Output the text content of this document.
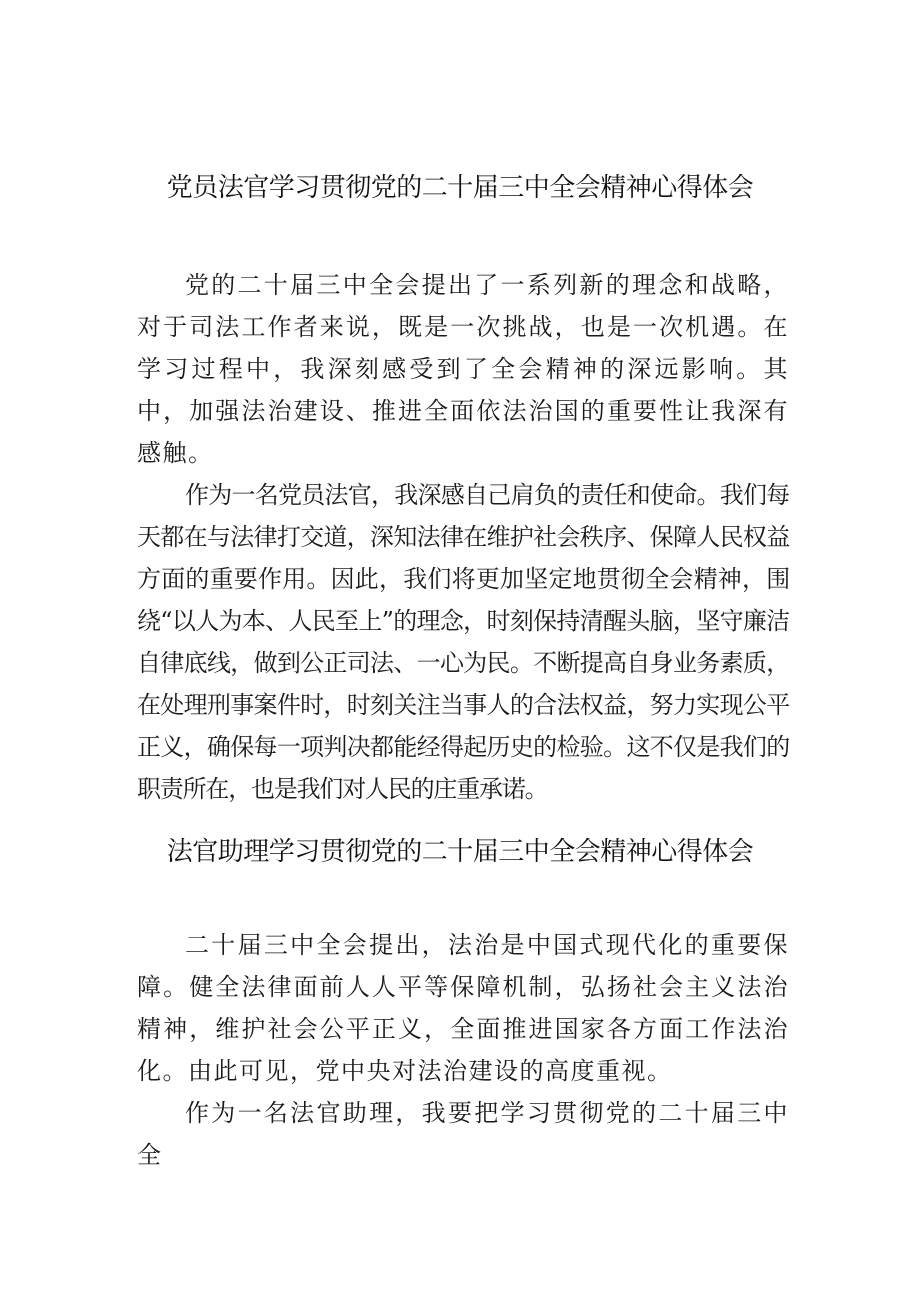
党员法官学习贯彻党的二十届三中全会精神心得体会

党的二十届三中全会提出了一系列新的理念和战略，对于司法工作者来说，既是一次挑战，也是一次机遇。在学习过程中，我深刻感受到了全会精神的深远影响。其中，加强法治建设、推进全面依法治国的重要性让我深有感触。

作为一名党员法官，我深感自己肩负的责任和使命。我们每天都在与法律打交道，深知法律在维护社会秩序、保障人民权益方面的重要作用。因此，我们将更加坚定地贯彻全会精神，围绕“以人为本、人民至上”的理念，时刻保持清醒头脑，坚守廉洁自律底线，做到公正司法、一心为民。不断提高自身业务素质，在处理刑事案件时，时刻关注当事人的合法权益，努力实现公平正义，确保每一项判决都能经得起历史的检验。这不仅是我们的职责所在，也是我们对人民的庄重承诺。

法官助理学习贯彻党的二十届三中全会精神心得体会

二十届三中全会提出，法治是中国式现代化的重要保障。健全法律面前人人平等保障机制，弘扬社会主义法治精神，维护社会公平正义，全面推进国家各方面工作法治化。由此可见，党中央对法治建设的高度重视。

作为一名法官助理，我要把学习贯彻党的二十届三中全
